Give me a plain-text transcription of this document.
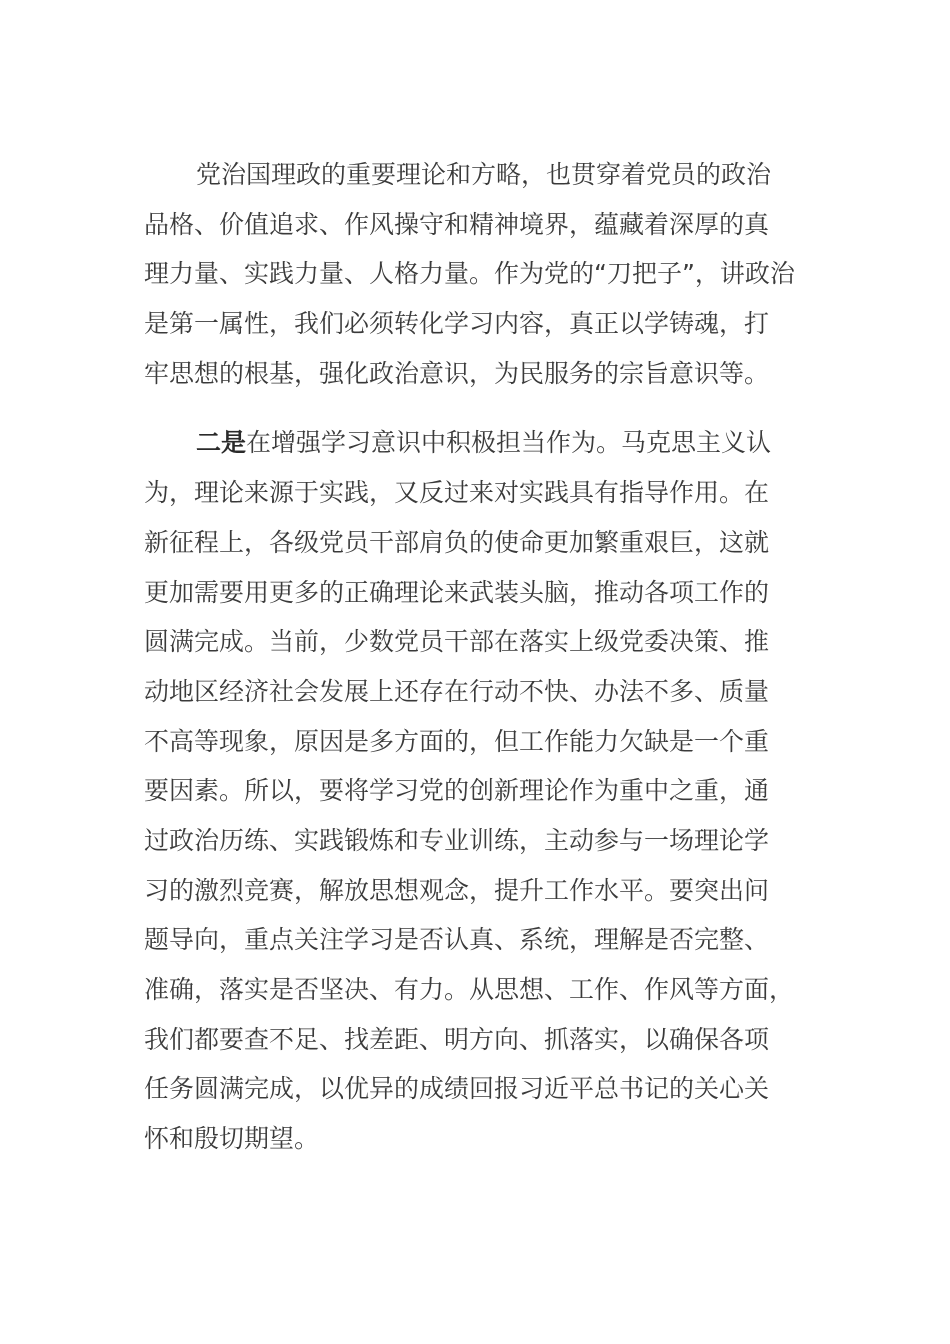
党治国理政的重要理论和方略，也贯穿着党员的政治
品格、价值追求、作风操守和精神境界，蕴藏着深厚的真
理力量、实践力量、人格力量。作为党的“刀把子”，讲政治
是第一属性，我们必须转化学习内容，真正以学铸魂，打
牢思想的根基，强化政治意识，为民服务的宗旨意识等。
二是在增强学习意识中积极担当作为。马克思主义认
为，理论来源于实践，又反过来对实践具有指导作用。在
新征程上，各级党员干部肩负的使命更加繁重艰巨，这就
更加需要用更多的正确理论来武装头脑，推动各项工作的
圆满完成。当前，少数党员干部在落实上级党委决策、推
动地区经济社会发展上还存在行动不快、办法不多、质量
不高等现象，原因是多方面的，但工作能力欠缺是一个重
要因素。所以，要将学习党的创新理论作为重中之重，通
过政治历练、实践锻炼和专业训练，主动参与一场理论学
习的激烈竞赛，解放思想观念，提升工作水平。要突出问
题导向，重点关注学习是否认真、系统，理解是否完整、
准确，落实是否坚决、有力。从思想、工作、作风等方面，
我们都要查不足、找差距、明方向、抓落实，以确保各项
任务圆满完成，以优异的成绩回报习近平总书记的关心关
怀和殷切期望。
